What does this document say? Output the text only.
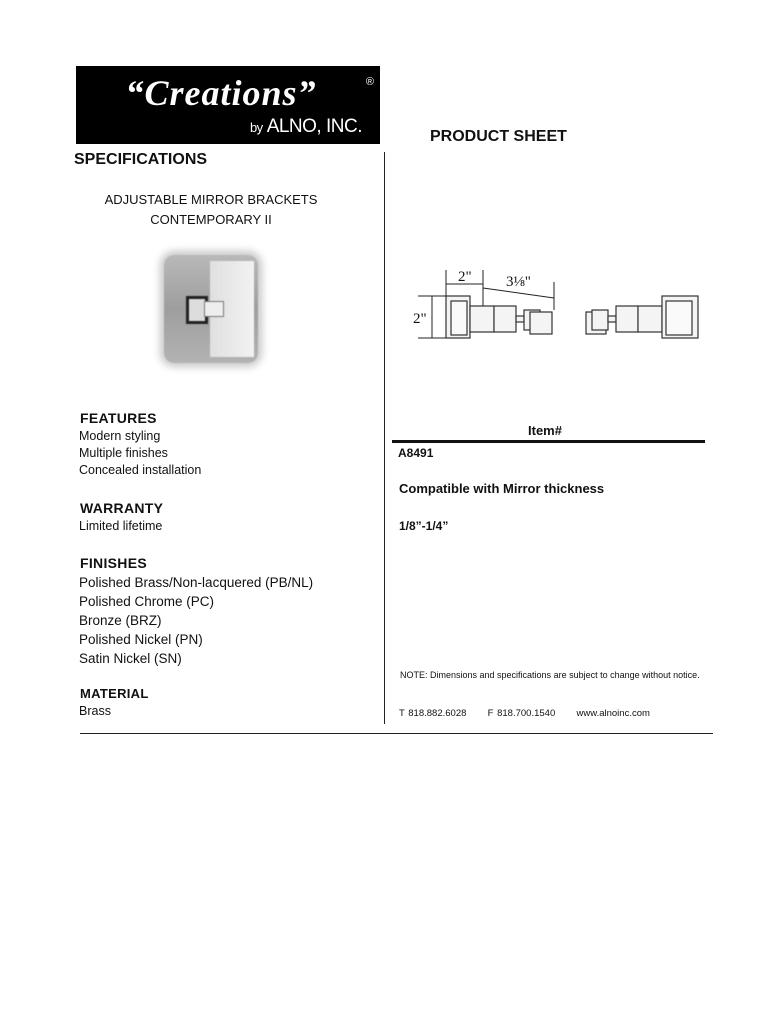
“Creations”	®
by ALNO, INC.	PRODUCT SHEET
SPECIFICATIONS
ADJUSTABLE MIRROR BRACKETS
CONTEMPORARY II
2" 3⅛"
2"
FEATURES
Modern styling
Multiple finishes
Concealed installation
WARRANTY
Limited lifetime
FINISHES
Polished Brass/Non-lacquered (PB/NL)
Polished Chrome (PC)
Bronze (BRZ)
Polished Nickel (PN)
Satin Nickel (SN)
MATERIAL
Brass
Item#
A8491
Compatible with Mirror thickness
1/8”-1/4”
NOTE: Dimensions and specifications are subject to change without notice.
T 818.882.6028 F 818.700.1540 www.alnoinc.com
